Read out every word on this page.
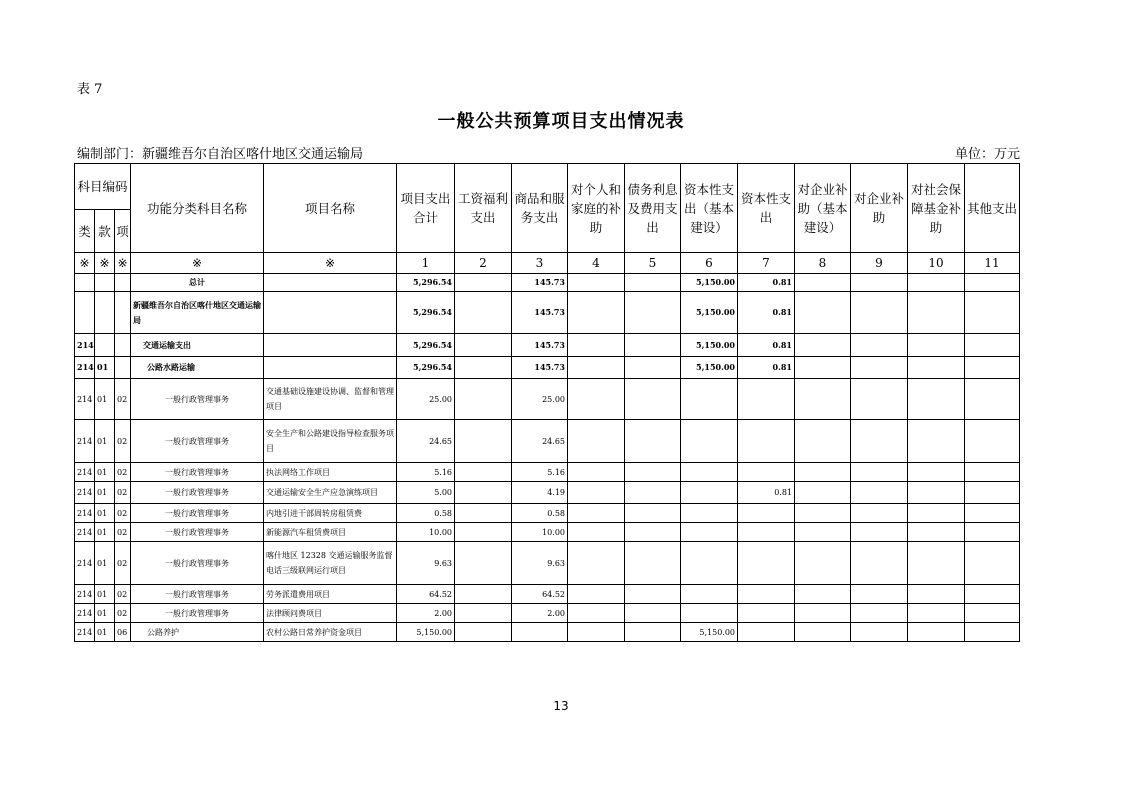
表 7
一般公共预算项目支出情况表
编制部门：新疆维吾尔自治区喀什地区交通运输局	单位：万元
科目编码			功能分类科目名称	项目名称	项目支出合计	工资福利支出	商品和服务支出	对个人和家庭的补助	债务利息及费用支出	资本性支出（基本建设）	资本性支出	对企业补助（基本建设）	对企业补助	对社会保障基金补助	其他支出
类	款	项													
※	※	※	※	※	1	2	3	4	5	6	7	8	9	10	11
			总计		5,296.54		145.73			5,150.00	0.81				
			新疆维吾尔自治区喀什地区交通运输局		5,296.54		145.73			5,150.00	0.81				
214			交通运输支出		5,296.54		145.73			5,150.00	0.81				
214	01		公路水路运输		5,296.54		145.73			5,150.00	0.81				
214	01	02	一般行政管理事务	交通基础设施建设协调、监督和管理项目	25.00		25.00								
214	01	02	一般行政管理事务	安全生产和公路建设指导检查服务项目	24.65		24.65								
214	01	02	一般行政管理事务	执法网络工作项目	5.16		5.16								
214	01	02	一般行政管理事务	交通运输安全生产应急演练项目	5.00		4.19				0.81				
214	01	02	一般行政管理事务	内地引进干部周转房租赁费	0.58		0.58								
214	01	02	一般行政管理事务	新能源汽车租赁费项目	10.00		10.00								
214	01	02	一般行政管理事务	喀什地区 12328 交通运输服务监督电话三级联网运行项目	9.63		9.63								
214	01	02	一般行政管理事务	劳务派遣费用项目	64.52		64.52								
214	01	02	一般行政管理事务	法律顾问费项目	2.00		2.00								
214	01	06	公路养护	农村公路日常养护资金项目	5,150.00					5,150.00					
13
